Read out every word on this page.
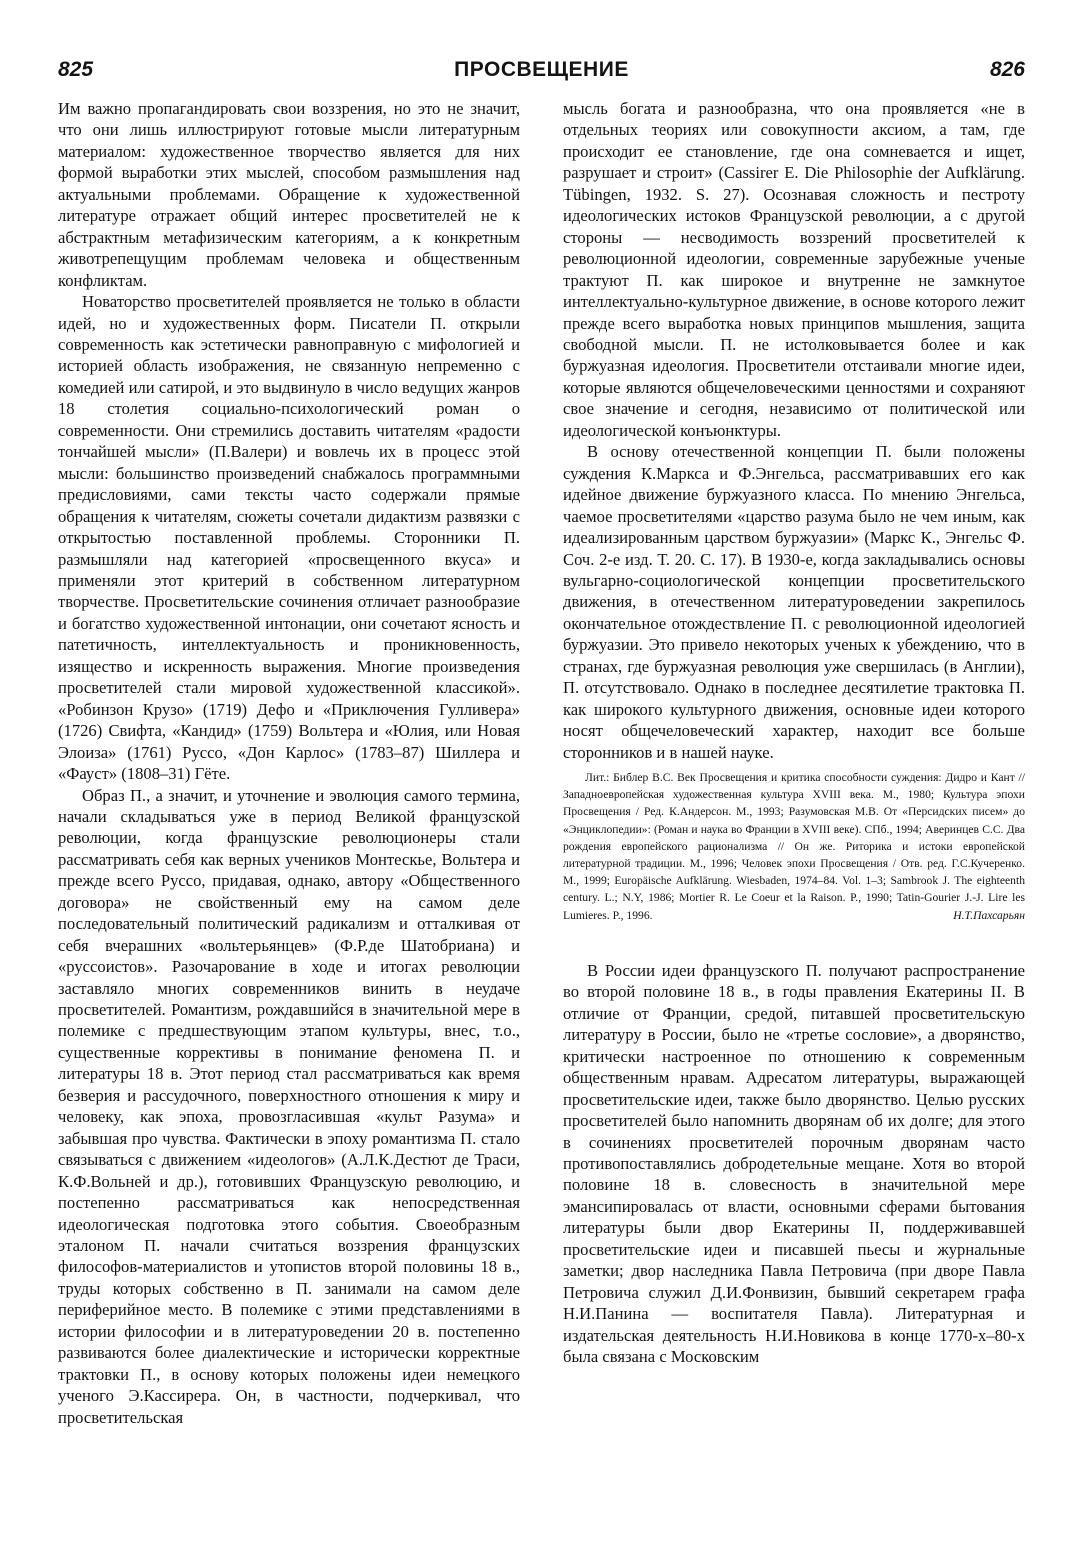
825	ПРОСВЕЩЕНИЕ	826

Им важно пропагандировать свои воззрения, но это не значит, что они лишь иллюстрируют готовые мысли литературным материалом: художественное творчество является для них формой выработки этих мыслей, способом размышления над актуальными проблемами. Обращение к художественной литературе отражает общий интерес просветителей не к абстрактным метафизическим категориям, а к конкретным животрепещущим проблемам человека и общественным конфликтам.

Новаторство просветителей проявляется не только в области идей, но и художественных форм. Писатели П. открыли современность как эстетически равноправную с мифологией и историей область изображения, не связанную непременно с комедией или сатирой, и это выдвинуло в число ведущих жанров 18 столетия социально-психологический роман о современности. Они стремились доставить читателям «радости тончайшей мысли» (П.Валери) и вовлечь их в процесс этой мысли: большинство произведений снабжалось программными предисловиями, сами тексты часто содержали прямые обращения к читателям, сюжеты сочетали дидактизм развязки с открытостью поставленной проблемы. Сторонники П. размышляли над категорией «просвещенного вкуса» и применяли этот критерий в собственном литературном творчестве. Просветительские сочинения отличает разнообразие и богатство художественной интонации, они сочетают ясность и патетичность, интеллектуальность и проникновенность, изящество и искренность выражения. Многие произведения просветителей стали мировой художественной классикой». «Робинзон Крузо» (1719) Дефо и «Приключения Гулливера» (1726) Свифта, «Кандид» (1759) Вольтера и «Юлия, или Новая Элоиза» (1761) Руссо, «Дон Карлос» (1783–87) Шиллера и «Фауст» (1808–31) Гёте.

Образ П., а значит, и уточнение и эволюция самого термина, начали складываться уже в период Великой французской революции, когда французские революционеры стали рассматривать себя как верных учеников Монтескье, Вольтера и прежде всего Руссо, придавая, однако, автору «Общественного договора» не свойственный ему на самом деле последовательный политический радикализм и отталкивая от себя вчерашних «вольтерьянцев» (Ф.Р.де Шатобриана) и «руссоистов». Разочарование в ходе и итогах революции заставляло многих современников винить в неудаче просветителей. Романтизм, рождавшийся в значительной мере в полемике с предшествующим этапом культуры, внес, т.о., существенные коррективы в понимание феномена П. и литературы 18 в. Этот период стал рассматриваться как время безверия и рассудочного, поверхностного отношения к миру и человеку, как эпоха, провозгласившая «культ Разума» и забывшая про чувства. Фактически в эпоху романтизма П. стало связываться с движением «идеологов» (А.Л.К.Дестют де Траси, К.Ф.Вольней и др.), готовивших Французскую революцию, и постепенно рассматриваться как непосредственная идеологическая подготовка этого события. Своеобразным эталоном П. начали считаться воззрения французских философов-материалистов и утопистов второй половины 18 в., труды которых собственно в П. занимали на самом деле периферийное место. В полемике с этими представлениями в истории философии и в литературоведении 20 в. постепенно развиваются более диалектические и исторически корректные трактовки П., в основу которых положены идеи немецкого ученого Э.Кассирера. Он, в частности, подчеркивал, что просветительская

мысль богата и разнообразна, что она проявляется «не в отдельных теориях или совокупности аксиом, а там, где происходит ее становление, где она сомневается и ищет, разрушает и строит» (Cassirer E. Die Philosophie der Aufklärung. Tübingen, 1932. S. 27). Осознавая сложность и пестроту идеологических истоков Французской революции, а с другой стороны — несводимость воззрений просветителей к революционной идеологии, современные зарубежные ученые трактуют П. как широкое и внутренне не замкнутое интеллектуально-культурное движение, в основе которого лежит прежде всего выработка новых принципов мышления, защита свободной мысли. П. не истолковывается более и как буржуазная идеология. Просветители отстаивали многие идеи, которые являются общечеловеческими ценностями и сохраняют свое значение и сегодня, независимо от политической или идеологической конъюнктуры.

В основу отечественной концепции П. были положены суждения К.Маркса и Ф.Энгельса, рассматривавших его как идейное движение буржуазного класса. По мнению Энгельса, чаемое просветителями «царство разума было не чем иным, как идеализированным царством буржуазии» (Маркс К., Энгельс Ф. Соч. 2-е изд. Т. 20. С. 17). В 1930-е, когда закладывались основы вульгарно-социологической концепции просветительского движения, в отечественном литературоведении закрепилось окончательное отождествление П. с революционной идеологией буржуазии. Это привело некоторых ученых к убеждению, что в странах, где буржуазная революция уже свершилась (в Англии), П. отсутствовало. Однако в последнее десятилетие трактовка П. как широкого культурного движения, основные идеи которого носят общечеловеческий характер, находит все больше сторонников и в нашей науке.

Лит.: Библер В.С. Век Просвещения и критика способности суждения: Дидро и Кант // Западноевропейская художественная культура XVIII века. М., 1980; Культура эпохи Просвещения / Ред. К.Андерсон. М., 1993; Разумовская М.В. От «Персидских писем» до «Энциклопедии»: (Роман и наука во Франции в XVIII веке). СПб., 1994; Аверинцев С.С. Два рождения европейского рационализма // Он же. Риторика и истоки европейской литературной традиции. М., 1996; Человек эпохи Просвещения / Отв. ред. Г.С.Кучеренко. М., 1999; Europäische Aufklärung. Wiesbaden, 1974–84. Vol. 1–3; Sambrook J. The eighteenth century. L.; N.Y, 1986; Mortier R. Le Coeur et la Raison. P., 1990; Tatin-Gourier J.-J. Lire les Lumieres. P., 1996.	Н.Т.Пахсарьян

В России идеи французского П. получают распространение во второй половине 18 в., в годы правления Екатерины II. В отличие от Франции, средой, питавшей просветительскую литературу в России, было не «третье сословие», а дворянство, критически настроенное по отношению к современным общественным нравам. Адресатом литературы, выражающей просветительские идеи, также было дворянство. Целью русских просветителей было напомнить дворянам об их долге; для этого в сочинениях просветителей порочным дворянам часто противопоставлялись добродетельные мещане. Хотя во второй половине 18 в. словесность в значительной мере эмансипировалась от власти, основными сферами бытования литературы были двор Екатерины II, поддерживавшей просветительские идеи и писавшей пьесы и журнальные заметки; двор наследника Павла Петровича (при дворе Павла Петровича служил Д.И.Фонвизин, бывший секретарем графа Н.И.Панина — воспитателя Павла). Литературная и издательская деятельность Н.И.Новикова в конце 1770-х–80-х была связана с Московским
